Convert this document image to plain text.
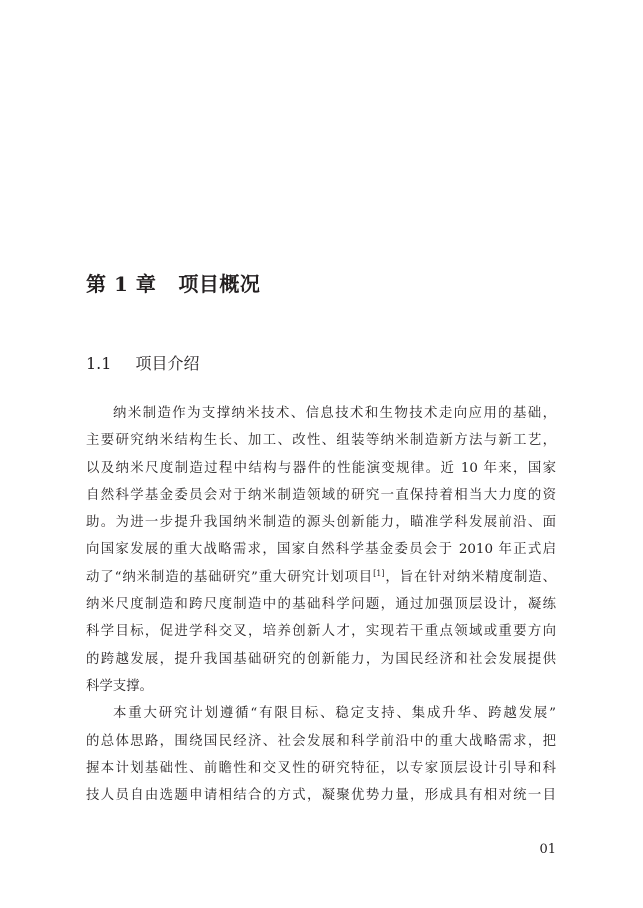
第 1 章 项目概况
1.1 项目介绍
纳米制造作为支撑纳米技术、信息技术和生物技术走向应用的基础，
主要研究纳米结构生长、加工、改性、组装等纳米制造新方法与新工艺，
以及纳米尺度制造过程中结构与器件的性能演变规律。近 10 年来，国家
自然科学基金委员会对于纳米制造领域的研究一直保持着相当大力度的资
助。为进一步提升我国纳米制造的源头创新能力，瞄准学科发展前沿、面
向国家发展的重大战略需求，国家自然科学基金委员会于 2010 年正式启
动了“纳米制造的基础研究”重大研究计划项目[1]，旨在针对纳米精度制造、
纳米尺度制造和跨尺度制造中的基础科学问题，通过加强顶层设计，凝练
科学目标，促进学科交叉，培养创新人才，实现若干重点领域或重要方向
的跨越发展，提升我国基础研究的创新能力，为国民经济和社会发展提供
科学支撑。
本重大研究计划遵循“有限目标、稳定支持、集成升华、跨越发展”
的总体思路，围绕国民经济、社会发展和科学前沿中的重大战略需求，把
握本计划基础性、前瞻性和交叉性的研究特征，以专家顶层设计引导和科
技人员自由选题申请相结合的方式，凝聚优势力量，形成具有相对统一目
01
